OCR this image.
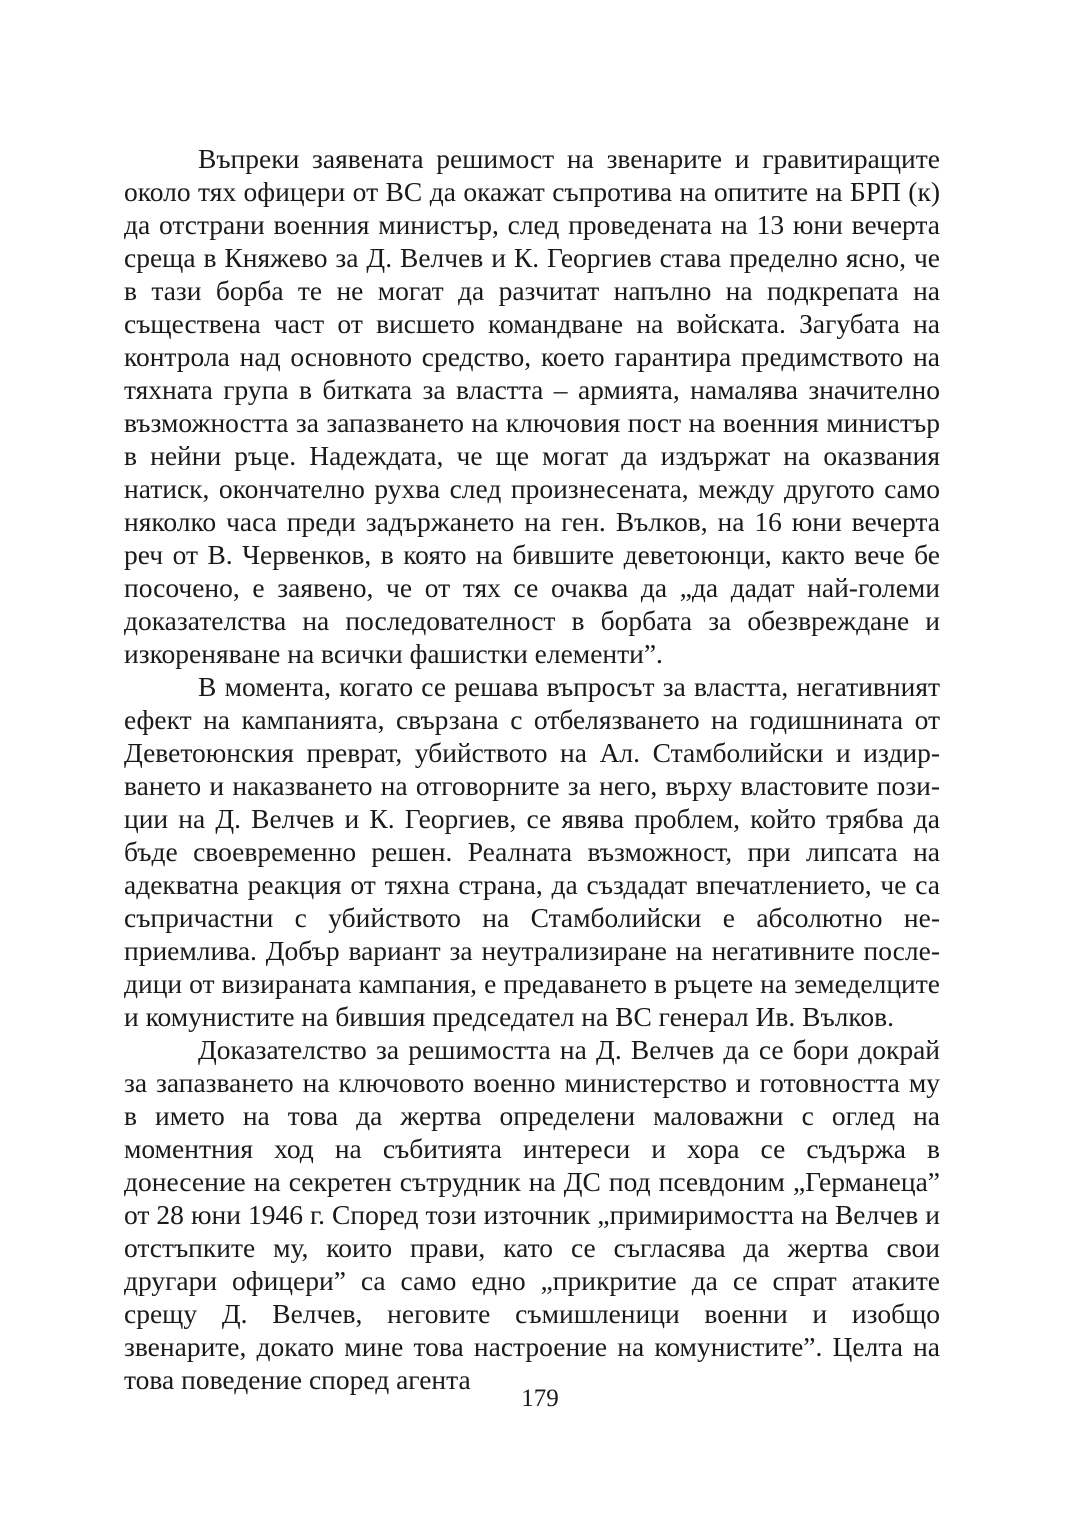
Въпреки заявената решимост на звенарите и гравитиращите около тях офицери от ВС да окажат съпротива на опитите на БРП (к) да отстрани военния министър, след проведената на 13 юни вечерта среща в Княжево за Д. Велчев и К. Георгиев става пределно ясно, че в тази борба те не могат да разчитат напълно на подкрепата на съществена част от висшето командване на войската. Загубата на контрола над основното средство, което гарантира предимството на тяхната група в битката за властта – армията, намалява значително възможността за запазването на ключовия пост на военния министър в нейни ръце. Надеждата, че ще могат да издържат на оказвания натиск, окончателно рухва след произнесената, между другото само няколко часа преди задържането на ген. Вълков, на 16 юни вечерта реч от В. Червенков, в която на бившите деветоюнци, както вече бе посочено, е заявено, че от тях се очаква да „да дадат най-големи доказателства на последователност в борбата за обезвреждане и изкореняване на всички фашистки елементи”.

В момента, когато се решава въпросът за властта, негативният ефект на кампанията, свързана с отбелязването на годишнината от Деветоюнския преврат, убийството на Ал. Стамболийски и издирването и наказването на отговорните за него, върху властовите позиции на Д. Велчев и К. Георгиев, се явява проблем, който трябва да бъде своевременно решен. Реалната възможност, при липсата на адекватна реакция от тяхна страна, да създадат впечатлението, че са съпричастни с убийството на Стамболийски е абсолютно неприемлива. Добър вариант за неутрализиране на негативните последици от визираната кампания, е предаването в ръцете на земеделците и комунистите на бившия председател на ВС генерал Ив. Вълков.

Доказателство за решимостта на Д. Велчев да се бори докрай за запазването на ключовото военно министерство и готовността му в името на това да жертва определени маловажни с оглед на моментния ход на събитията интереси и хора се съдържа в донесение на секретен сътрудник на ДС под псевдоним „Германеца” от 28 юни 1946 г. Според този източник „примиримостта на Велчев и отстъпките му, които прави, като се съгласява да жертва свои другари офицери” са само едно „прикритие да се спрат атаките срещу Д. Велчев, неговите съмишленици военни и изобщо звенарите, докато мине това настроение на комунистите”. Целта на това поведение според агента

179
